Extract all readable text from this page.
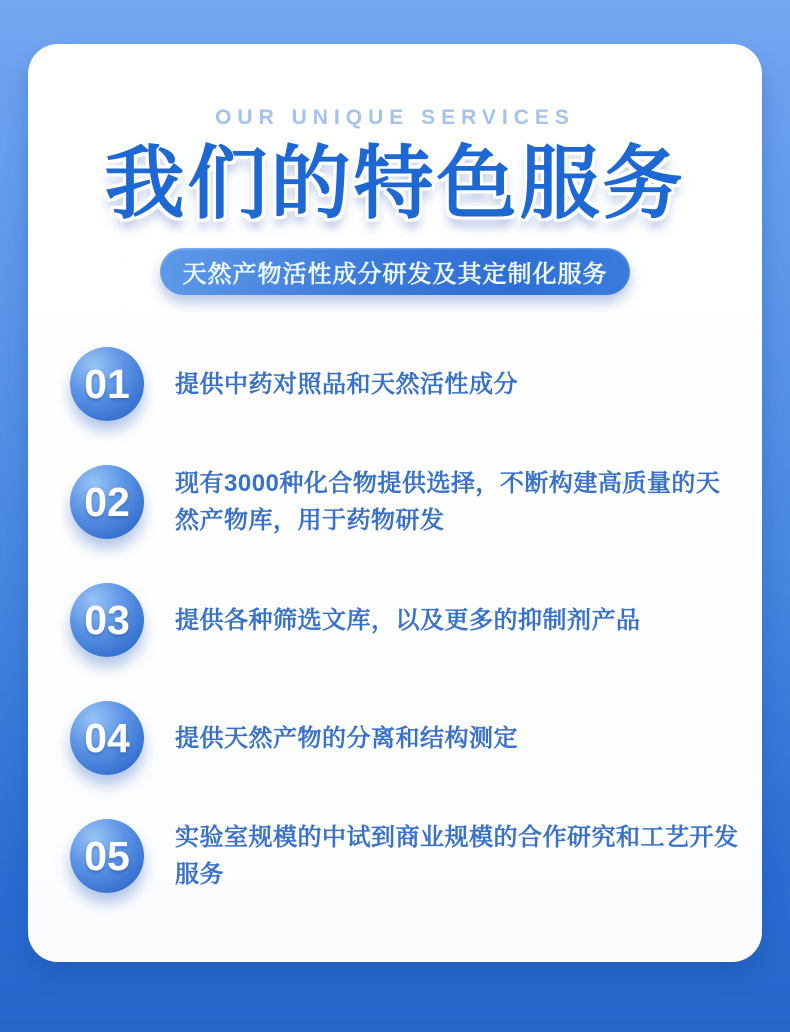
OUR UNIQUE SERVICES
我们的特色服务
天然产物活性成分研发及其定制化服务
01	提供中药对照品和天然活性成分
02	现有3000种化合物提供选择，不断构建高质量的天然产物库，用于药物研发
03	提供各种筛选文库，以及更多的抑制剂产品
04	提供天然产物的分离和结构测定
05	实验室规模的中试到商业规模的合作研究和工艺开发服务
